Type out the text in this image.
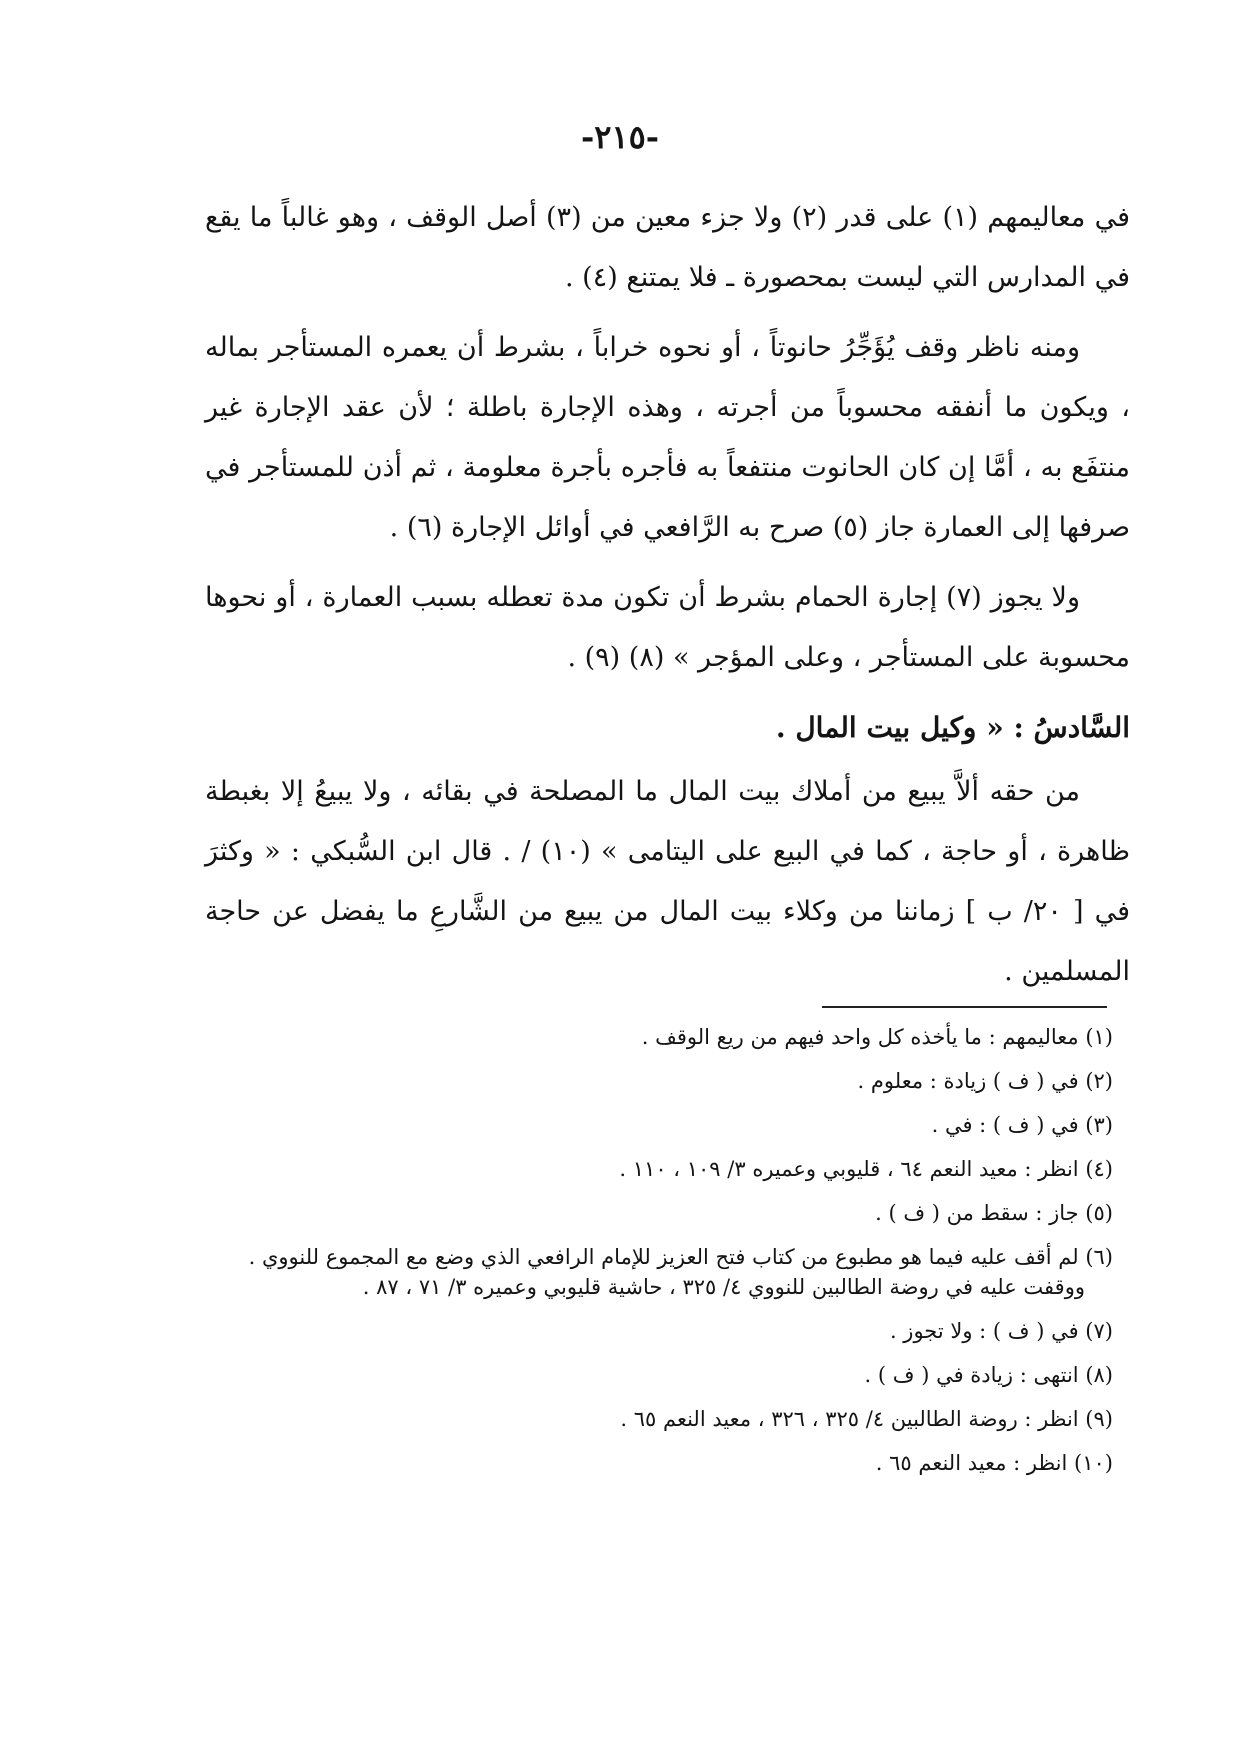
-٢١٥-

في معاليمهم (١) على قدر (٢) ولا جزء معين من (٣) أصل الوقف ، وهو غالباً ما يقع في المدارس التي ليست بمحصورة ـ فلا يمتنع (٤) .

ومنه ناظر وقف يُؤَجِّرُ حانوتاً ، أو نحوه خراباً ، بشرط أن يعمره المستأجر بماله ، ويكون ما أنفقه محسوباً من أجرته ، وهذه الإجارة باطلة ؛ لأن عقد الإجارة غير منتفَع به ، أمَّا إن كان الحانوت منتفعاً به فأجره بأجرة معلومة ، ثم أذن للمستأجر في صرفها إلى العمارة جاز (٥) صرح به الرَّافعي في أوائل الإجارة (٦) .

ولا يجوز (٧) إجارة الحمام بشرط أن تكون مدة تعطله بسبب العمارة ، أو نحوها محسوبة على المستأجر ، وعلى المؤجر » (٨) (٩) .

السَّادسُ : « وكيل بيت المال .

من حقه ألاَّ يبيع من أملاك بيت المال ما المصلحة في بقائه ، ولا يبيعُ إلا بغبطة ظاهرة ، أو حاجة ، كما في البيع على اليتامى » (١٠) / . قال ابن السُّبكي : « وكثرَ في [ ٢٠/ ب ] زماننا من وكلاء بيت المال من يبيع من الشَّارعِ ما يفضل عن حاجة المسلمين .

(١) معاليمهم : ما يأخذه كل واحد فيهم من ريع الوقف .
(٢) في ( ف ) زيادة : معلوم .
(٣) في ( ف ) : في .
(٤) انظر : معيد النعم ٦٤ ، قليوبي وعميره ٣/ ١٠٩ ، ١١٠ .
(٥) جاز : سقط من ( ف ) .
(٦) لم أقف عليه فيما هو مطبوع من كتاب فتح العزيز للإمام الرافعي الذي وضع مع المجموع للنووي .
ووقفت عليه في روضة الطالبين للنووي ٤/ ٣٢٥ ، حاشية قليوبي وعميره ٣/ ٧١ ، ٨٧ .
(٧) في ( ف ) : ولا تجوز .
(٨) انتهى : زيادة في ( ف ) .
(٩) انظر : روضة الطالبين ٤/ ٣٢٥ ، ٣٢٦ ، معيد النعم ٦٥ .
(١٠) انظر : معيد النعم ٦٥ .
